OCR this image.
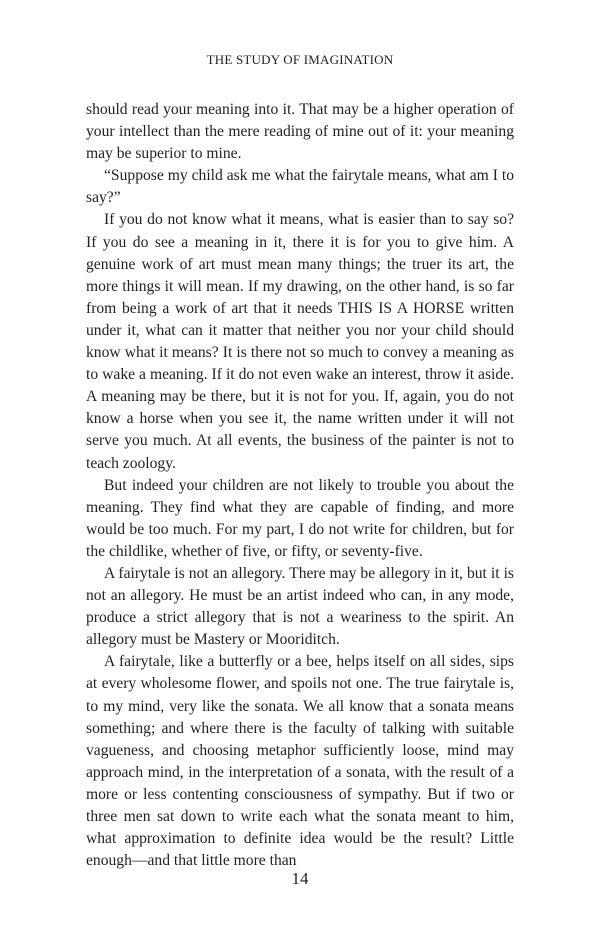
THE STUDY OF IMAGINATION

should read your meaning into it. That may be a higher operation of your intellect than the mere reading of mine out of it: your meaning may be superior to mine.

“Suppose my child ask me what the fairytale means, what am I to say?”

If you do not know what it means, what is easier than to say so? If you do see a meaning in it, there it is for you to give him. A genuine work of art must mean many things; the truer its art, the more things it will mean. If my drawing, on the other hand, is so far from being a work of art that it needs THIS IS A HORSE written under it, what can it matter that neither you nor your child should know what it means? It is there not so much to convey a meaning as to wake a meaning. If it do not even wake an interest, throw it aside. A meaning may be there, but it is not for you. If, again, you do not know a horse when you see it, the name written under it will not serve you much. At all events, the business of the painter is not to teach zoology.

But indeed your children are not likely to trouble you about the meaning. They find what they are capable of finding, and more would be too much. For my part, I do not write for children, but for the childlike, whether of five, or fifty, or seventy-five.

A fairytale is not an allegory. There may be allegory in it, but it is not an allegory. He must be an artist indeed who can, in any mode, produce a strict allegory that is not a weariness to the spirit. An allegory must be Mastery or Mooriditch.

A fairytale, like a butterfly or a bee, helps itself on all sides, sips at every wholesome flower, and spoils not one. The true fairytale is, to my mind, very like the sonata. We all know that a sonata means something; and where there is the faculty of talking with suitable vagueness, and choosing metaphor sufficiently loose, mind may approach mind, in the interpretation of a sonata, with the result of a more or less contenting consciousness of sympathy. But if two or three men sat down to write each what the sonata meant to him, what approximation to definite idea would be the result? Little enough—and that little more than

14
